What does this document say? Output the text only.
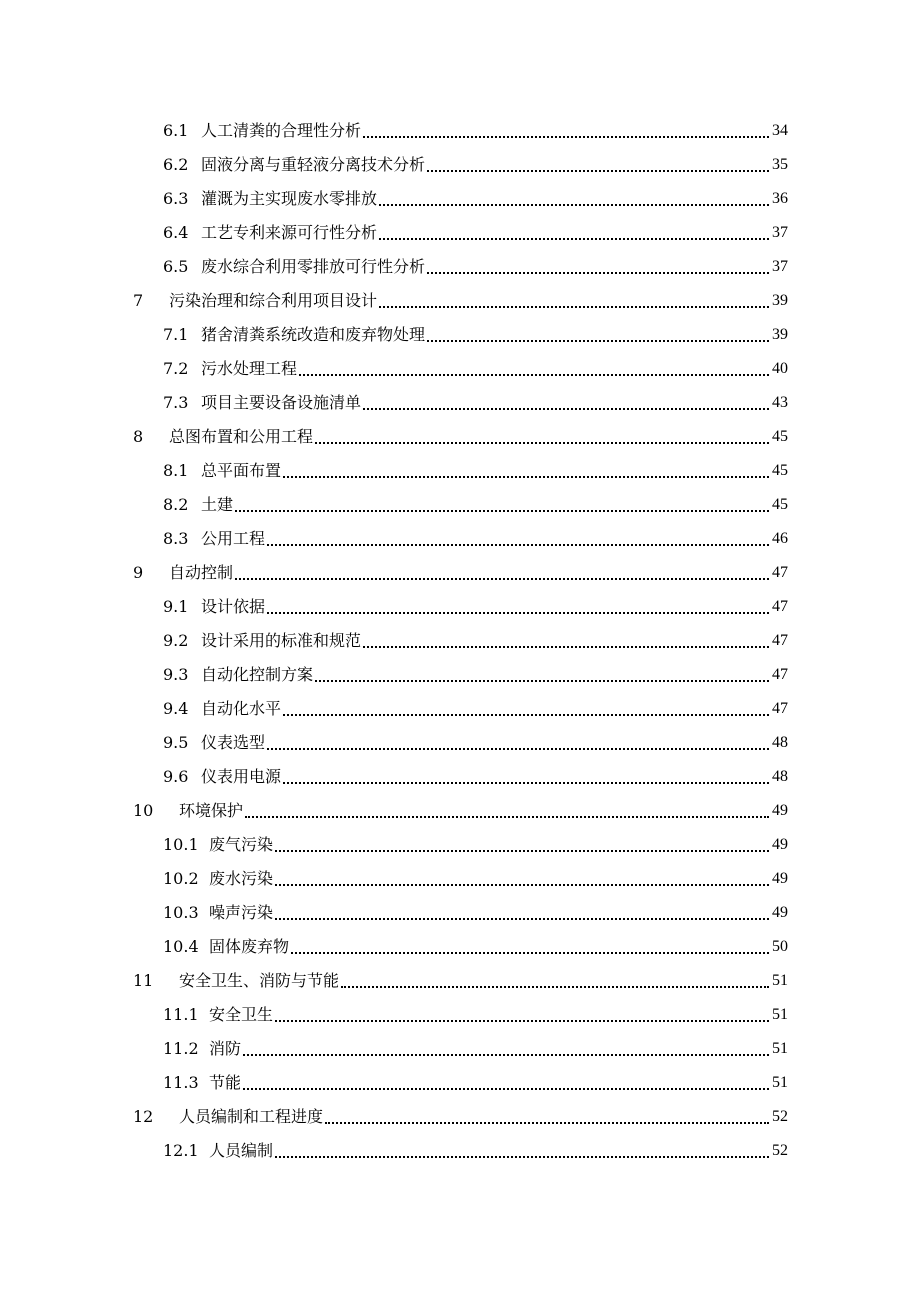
6.1 人工清粪的合理性分析	34
6.2 固液分离与重轻液分离技术分析	35
6.3 灌溉为主实现废水零排放	36
6.4 工艺专利来源可行性分析	37
6.5 废水综合利用零排放可行性分析	37
7 污染治理和综合利用项目设计	39
7.1 猪舍清粪系统改造和废弃物处理	39
7.2 污水处理工程	40
7.3 项目主要设备设施清单	43
8 总图布置和公用工程	45
8.1 总平面布置	45
8.2 土建	45
8.3 公用工程	46
9 自动控制	47
9.1 设计依据	47
9.2 设计采用的标准和规范	47
9.3 自动化控制方案	47
9.4 自动化水平	47
9.5 仪表选型	48
9.6 仪表用电源	48
10 环境保护	49
10.1 废气污染	49
10.2 废水污染	49
10.3 噪声污染	49
10.4 固体废弃物	50
11 安全卫生、消防与节能	51
11.1 安全卫生	51
11.2 消防	51
11.3 节能	51
12 人员编制和工程进度	52
12.1 人员编制	52
